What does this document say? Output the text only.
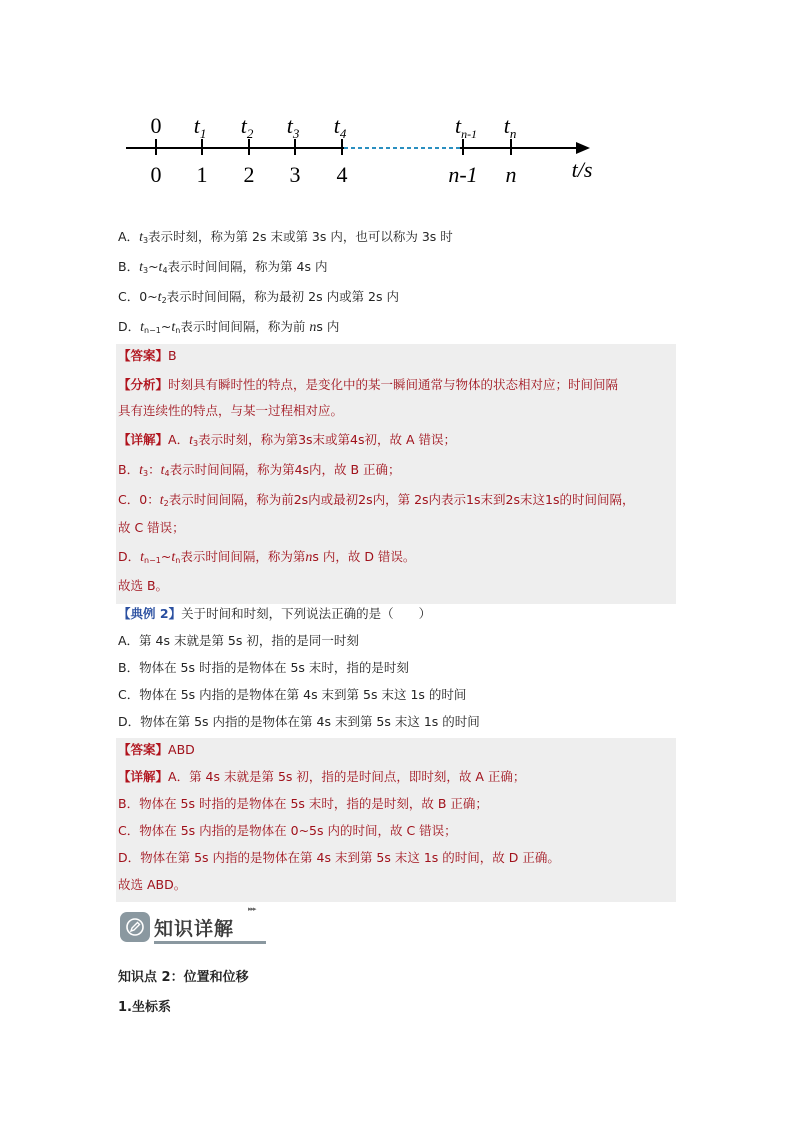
0 $t_1$ $t_2$ $t_3$ $t_4$	$t_{n-1}$ $t_n$
0 1 2 3 4	n-1 n	t/s
A．$t_3$表示时刻，称为第 2s 末或第 3s 内，也可以称为 3s 时
B．$t_3\sim t_4$表示时间间隔，称为第 4s 内
C．$0\sim t_2$表示时间间隔，称为最初 2s 内或第 2s 内
D．$t_{n-1}\sim t_n$表示时间间隔，称为前 ns 内
【答案】B
【分析】时刻具有瞬时性的特点，是变化中的某一瞬间通常与物体的状态相对应；时间间隔
具有连续性的特点，与某一过程相对应。
【详解】A．$t_3$表示时刻，称为第3s末或第4s初，故 A 错误；
B．$t_3$：$t_4$表示时间间隔，称为第4s内，故 B 正确；
C．0：$t_2$表示时间间隔，称为前2s内或最初2s内，第 2s内表示1s末到2s末这1s的时间间隔，
故 C 错误；
D．$t_{n-1}\sim t_n$表示时间间隔，称为第ns 内，故 D 错误。
故选 B。
【典例 2】关于时间和时刻，下列说法正确的是（　　）
A．第 4s 末就是第 5s 初，指的是同一时刻
B．物体在 5s 时指的是物体在 5s 末时，指的是时刻
C．物体在 5s 内指的是物体在第 4s 末到第 5s 末这 1s 的时间
D．物体在第 5s 内指的是物体在第 4s 末到第 5s 末这 1s 的时间
【答案】ABD
【详解】A．第 4s 末就是第 5s 初，指的是时间点，即时刻，故 A 正确；
B．物体在 5s 时指的是物体在 5s 末时，指的是时刻，故 B 正确；
C．物体在 5s 内指的是物体在 0~5s 内的时间，故 C 错误；
D．物体在第 5s 内指的是物体在第 4s 末到第 5s 末这 1s 的时间，故 D 正确。
故选 ABD。
知识详解
▸▸▸
知识点 2：位置和位移
1.坐标系
